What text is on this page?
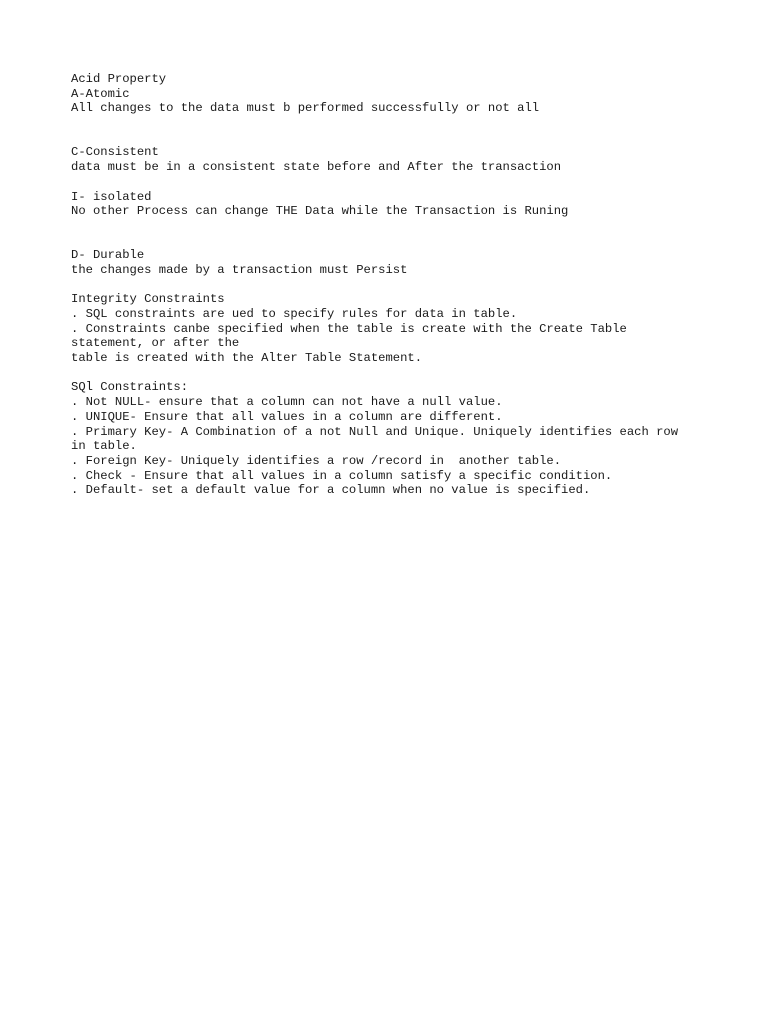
Acid Property
A-Atomic
All changes to the data must b performed successfully or not all
C-Consistent
data must be in a consistent state before and After the transaction
I- isolated
No other Process can change THE Data while the Transaction is Runing
D- Durable
the changes made by a transaction must Persist
Integrity Constraints
. SQL constraints are ued to specify rules for data in table.
. Constraints canbe specified when the table is create with the Create Table
statement, or after the
table is created with the Alter Table Statement.
SQl Constraints:
. Not NULL- ensure that a column can not have a null value.
. UNIQUE- Ensure that all values in a column are different.
. Primary Key- A Combination of a not Null and Unique. Uniquely identifies each row
in table.
. Foreign Key- Uniquely identifies a row /record in  another table.
. Check - Ensure that all values in a column satisfy a specific condition.
. Default- set a default value for a column when no value is specified.
